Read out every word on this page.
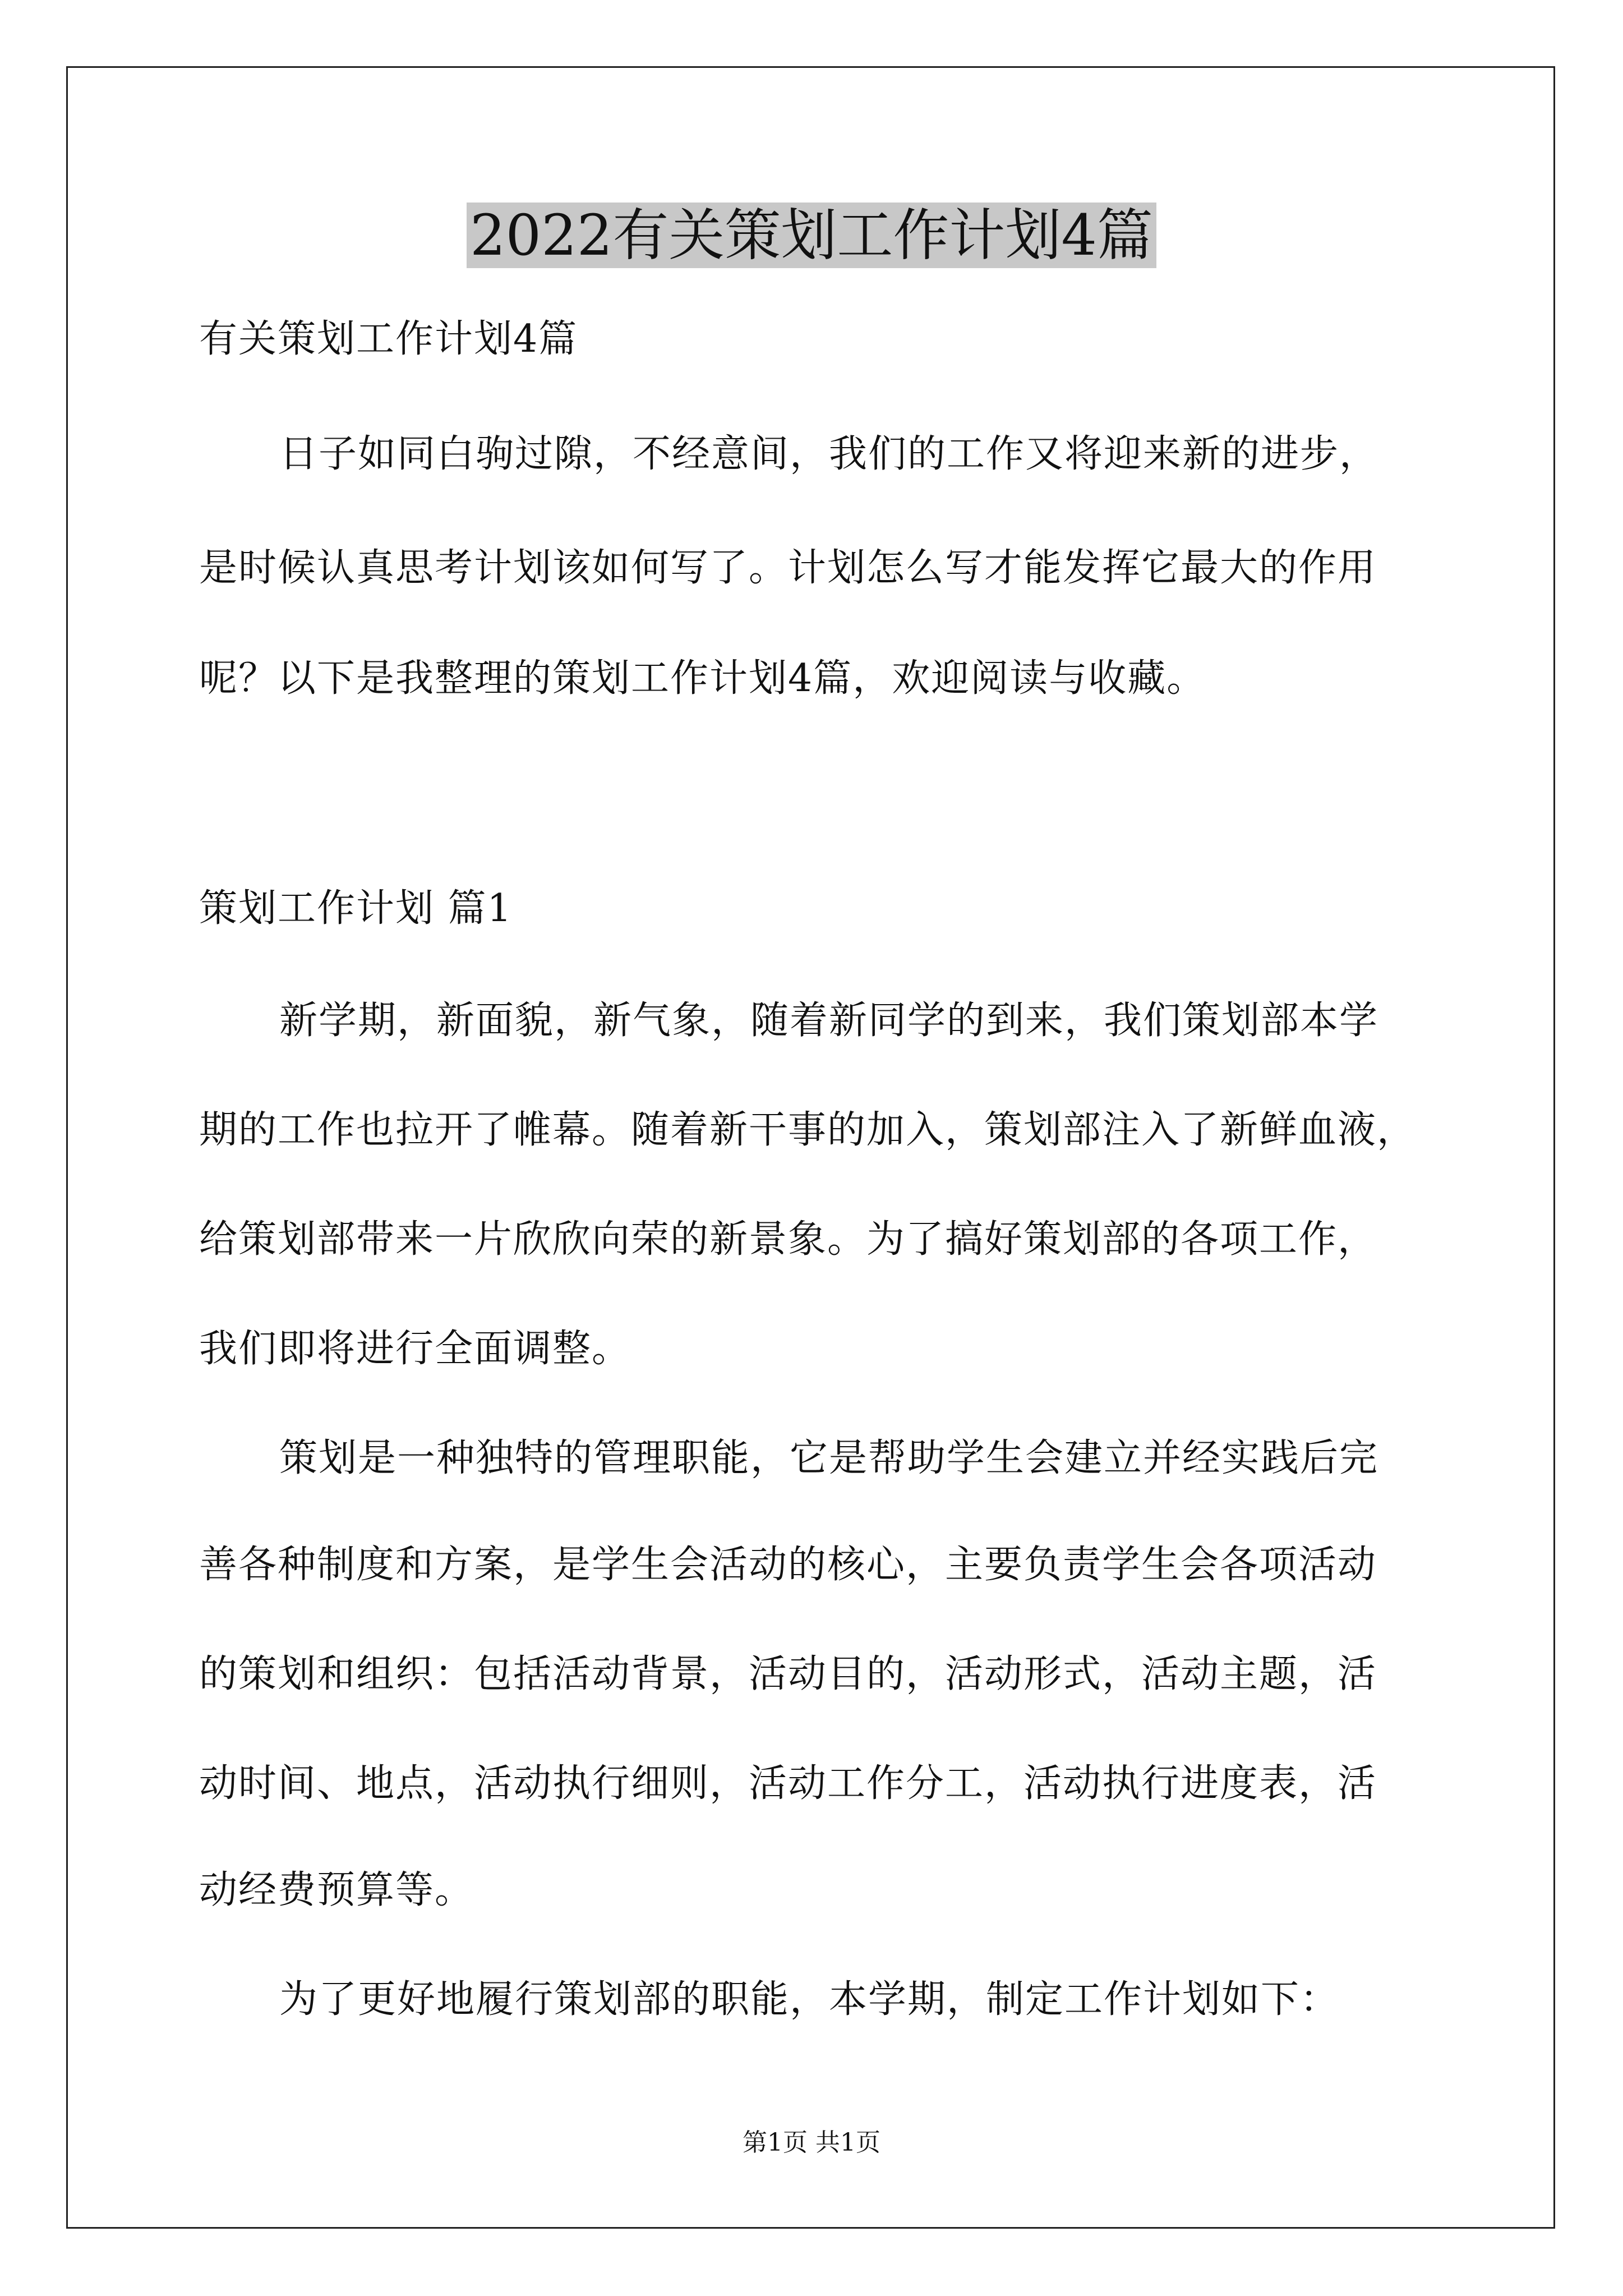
2022有关策划工作计划4篇
有关策划工作计划4篇
日子如同白驹过隙，不经意间，我们的工作又将迎来新的进步，
是时候认真思考计划该如何写了。计划怎么写才能发挥它最大的作用
呢？以下是我整理的策划工作计划4篇，欢迎阅读与收藏。
策划工作计划 篇1
新学期，新面貌，新气象，随着新同学的到来，我们策划部本学
期的工作也拉开了帷幕。随着新干事的加入，策划部注入了新鲜血液，
给策划部带来一片欣欣向荣的新景象。为了搞好策划部的各项工作，
我们即将进行全面调整。
策划是一种独特的管理职能，它是帮助学生会建立并经实践后完
善各种制度和方案，是学生会活动的核心，主要负责学生会各项活动
的策划和组织：包括活动背景，活动目的，活动形式，活动主题，活
动时间、地点，活动执行细则，活动工作分工，活动执行进度表，活
动经费预算等。
为了更好地履行策划部的职能，本学期，制定工作计划如下：
第1页 共1页
